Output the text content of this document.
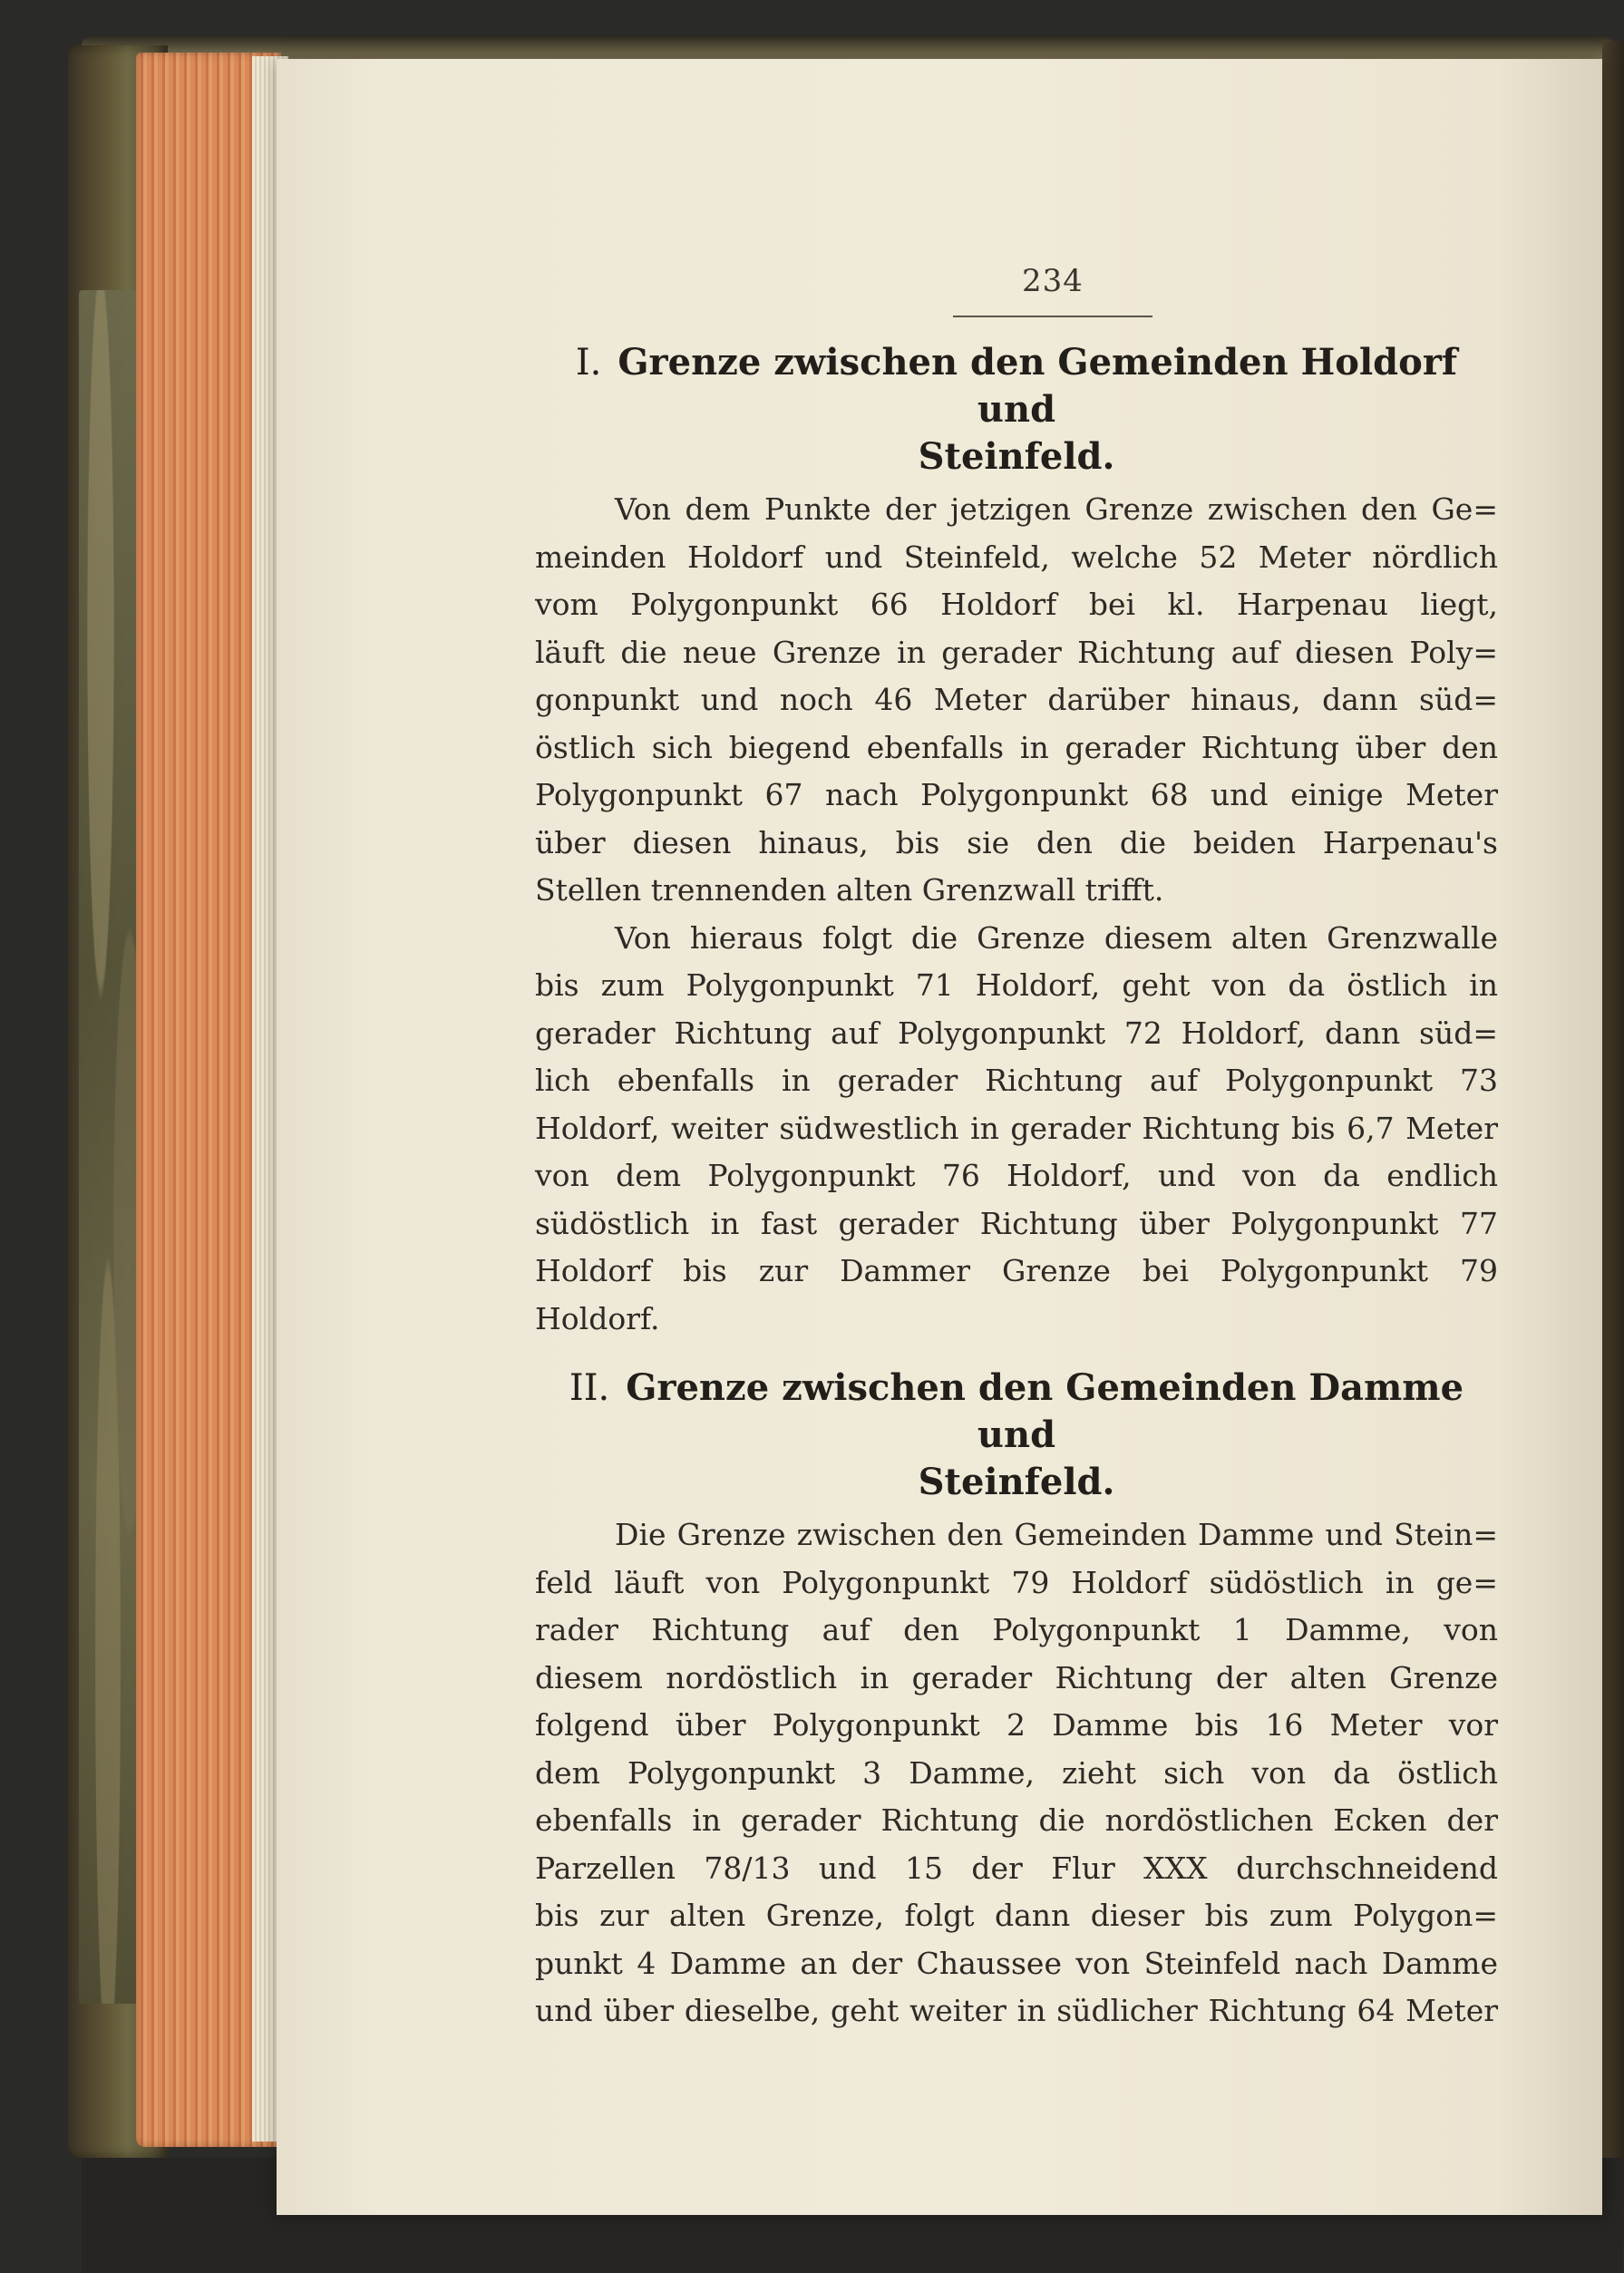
234
I. Grenze zwischen den Gemeinden Holdorf und
Steinfeld.

Von dem Punkte der jetzigen Grenze zwischen den Ge=
meinden Holdorf und Steinfeld, welche 52 Meter nördlich
vom Polygonpunkt 66 Holdorf bei kl. Harpenau liegt,
läuft die neue Grenze in gerader Richtung auf diesen Poly=
gonpunkt und noch 46 Meter darüber hinaus, dann süd=
östlich sich biegend ebenfalls in gerader Richtung über den
Polygonpunkt 67 nach Polygonpunkt 68 und einige Meter
über diesen hinaus, bis sie den die beiden Harpenau's
Stellen trennenden alten Grenzwall trifft.

Von hieraus folgt die Grenze diesem alten Grenzwalle
bis zum Polygonpunkt 71 Holdorf, geht von da östlich in
gerader Richtung auf Polygonpunkt 72 Holdorf, dann süd=
lich ebenfalls in gerader Richtung auf Polygonpunkt 73
Holdorf, weiter südwestlich in gerader Richtung bis 6,7 Meter
von dem Polygonpunkt 76 Holdorf, und von da endlich
südöstlich in fast gerader Richtung über Polygonpunkt 77
Holdorf bis zur Dammer Grenze bei Polygonpunkt 79
Holdorf.

II. Grenze zwischen den Gemeinden Damme und
Steinfeld.

Die Grenze zwischen den Gemeinden Damme und Stein=
feld läuft von Polygonpunkt 79 Holdorf südöstlich in ge=
rader Richtung auf den Polygonpunkt 1 Damme, von
diesem nordöstlich in gerader Richtung der alten Grenze
folgend über Polygonpunkt 2 Damme bis 16 Meter vor
dem Polygonpunkt 3 Damme, zieht sich von da östlich
ebenfalls in gerader Richtung die nordöstlichen Ecken der
Parzellen 78/13 und 15 der Flur XXX durchschneidend
bis zur alten Grenze, folgt dann dieser bis zum Polygon=
punkt 4 Damme an der Chaussee von Steinfeld nach Damme
und über dieselbe, geht weiter in südlicher Richtung 64 Meter
